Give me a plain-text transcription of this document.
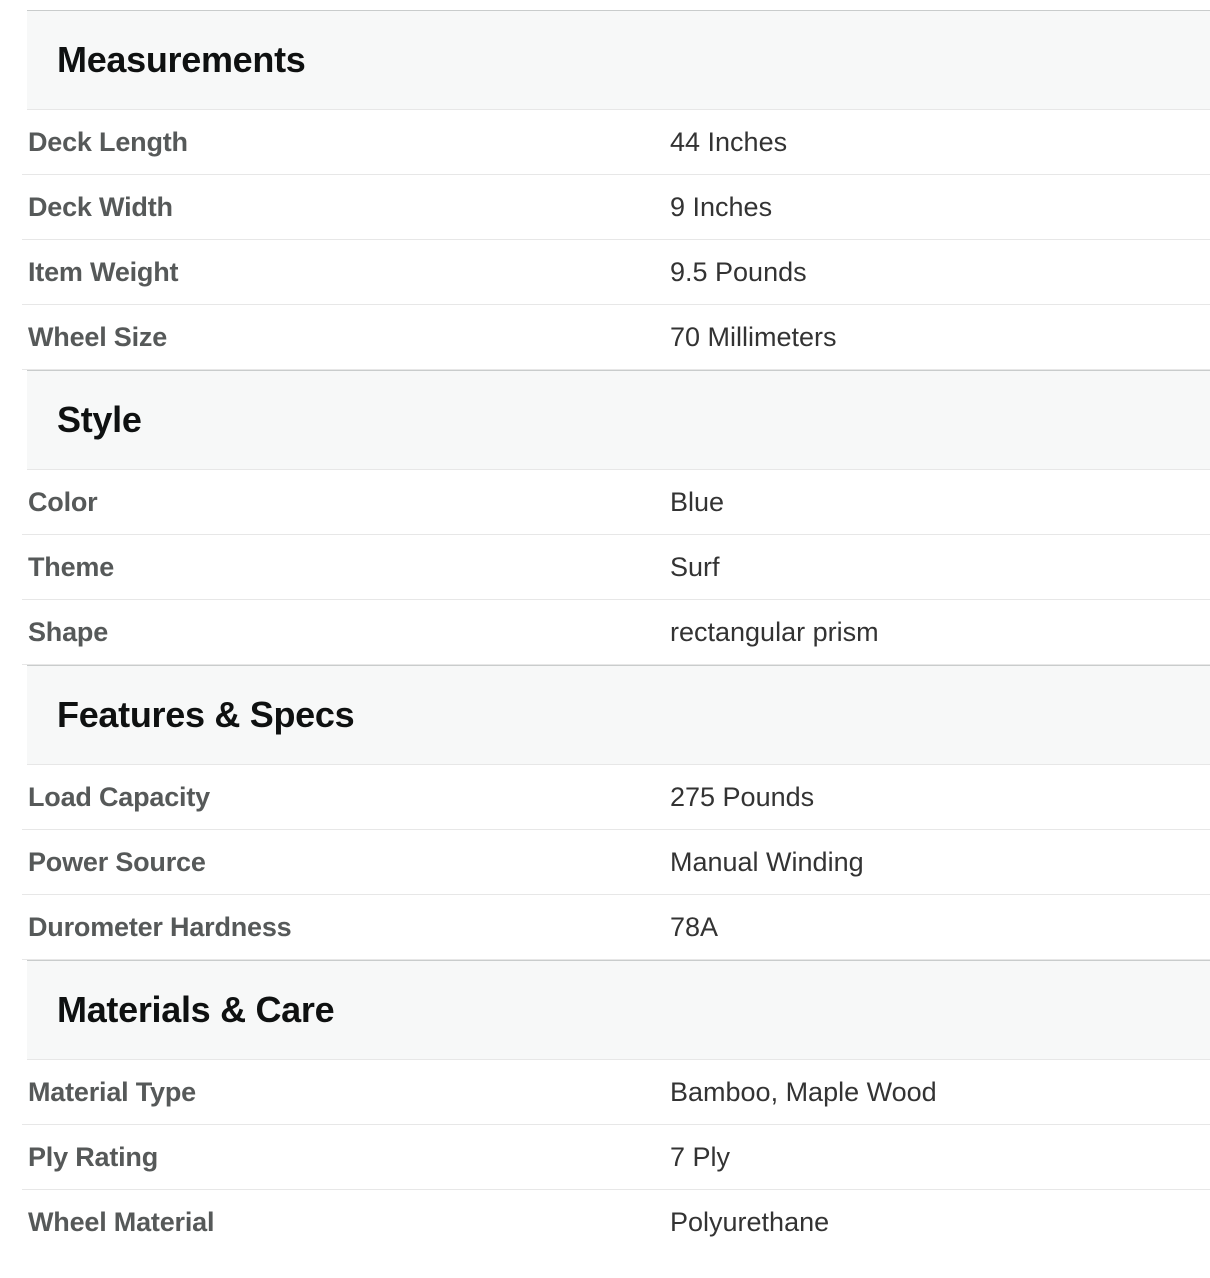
Measurements
Deck Length	44 Inches
Deck Width	9 Inches
Item Weight	9.5 Pounds
Wheel Size	70 Millimeters
Style
Color	Blue
Theme	Surf
Shape	rectangular prism
Features & Specs
Load Capacity	275 Pounds
Power Source	Manual Winding
Durometer Hardness	78A
Materials & Care
Material Type	Bamboo, Maple Wood
Ply Rating	7 Ply
Wheel Material	Polyurethane
